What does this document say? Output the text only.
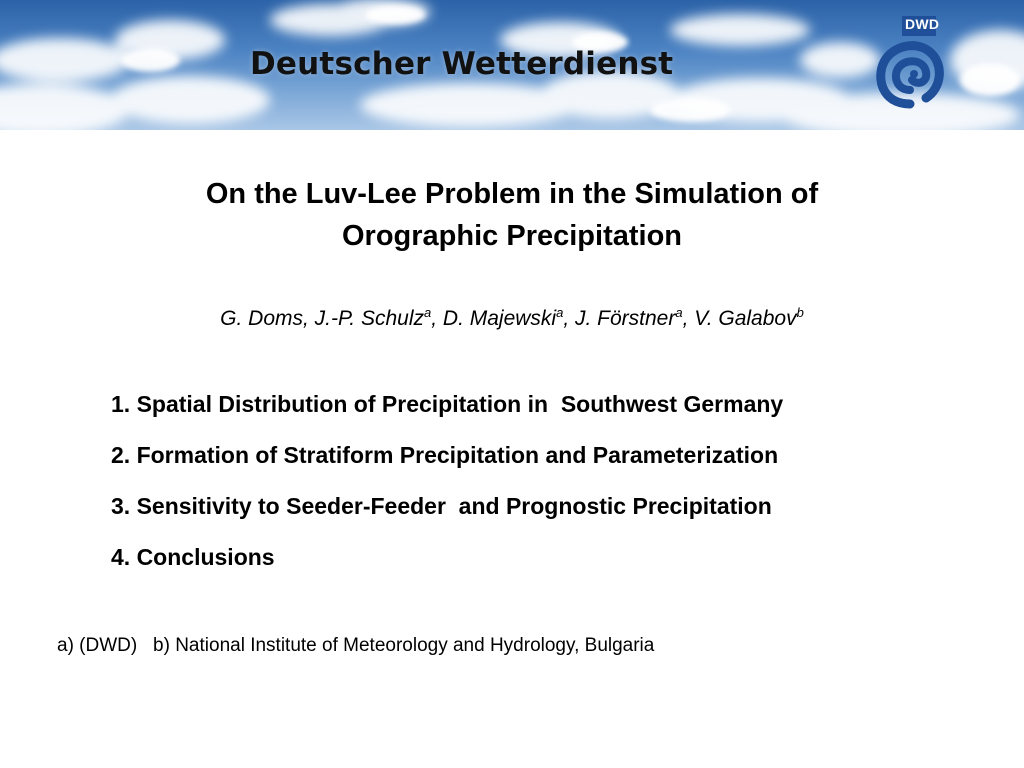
Deutscher Wetterdienst
DWD
On the Luv-Lee Problem in the Simulation of
Orographic Precipitation
G. Doms, J.-P. Schulz$^a$, D. Majewski$^a$, J. Förstner$^a$, V. Galabov$^b$
1. Spatial Distribution of Precipitation in  Southwest Germany
2. Formation of Stratiform Precipitation and Parameterization
3. Sensitivity to Seeder-Feeder  and Prognostic Precipitation
4. Conclusions
a) (DWD)   b) National Institute of Meteorology and Hydrology, Bulgaria
